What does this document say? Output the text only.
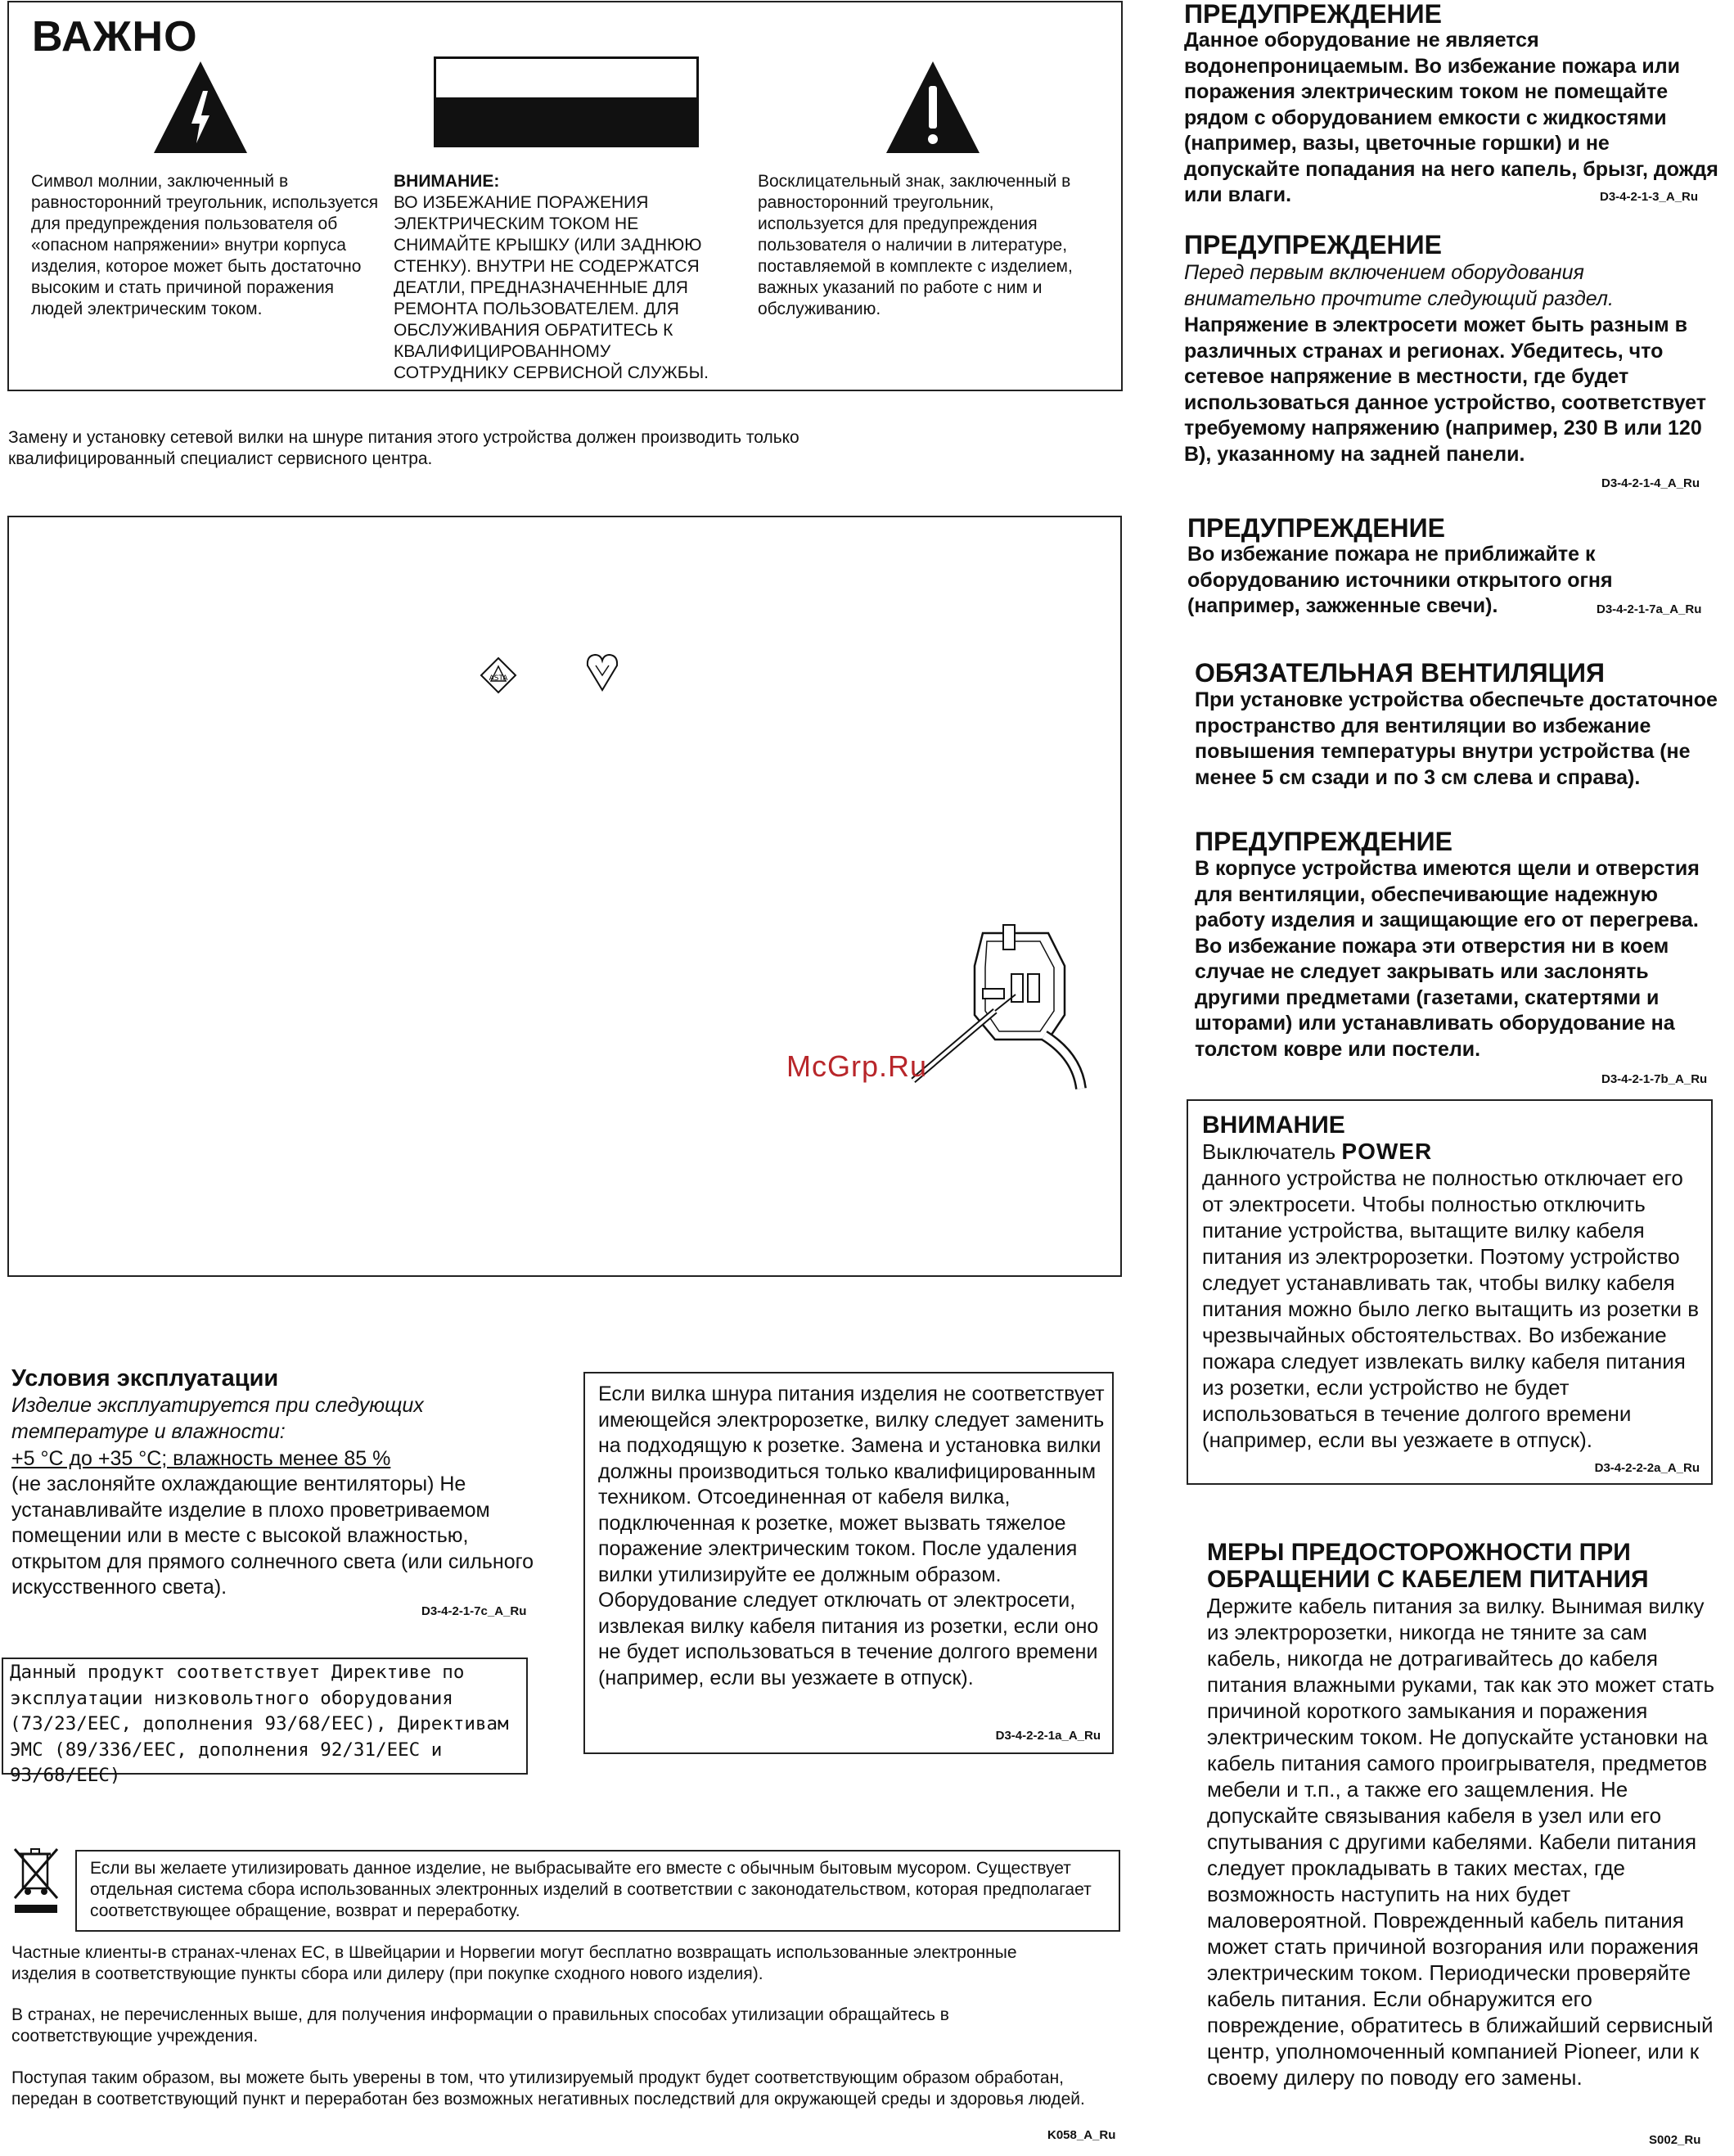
ВАЖНО

Символ молнии, заключенный в равносторонний треугольник, используется для предупреждения пользователя об «опасном напряжении» внутри корпуса изделия, которое может быть достаточно высоким и стать причиной поражения людей электрическим током.

ВНИМАНИЕ:

ВО ИЗБЕЖАНИЕ ПОРАЖЕНИЯ ЭЛЕКТРИЧЕСКИМ ТОКОМ НЕ СНИМАЙТЕ КРЫШКУ (ИЛИ ЗАДНЮЮ СТЕНКУ). ВНУТРИ НЕ СОДЕРЖАТСЯ ДЕАТЛИ, ПРЕДНАЗНАЧЕННЫЕ ДЛЯ РЕМОНТА ПОЛЬЗОВАТЕЛЕМ. ДЛЯ ОБСЛУЖИВАНИЯ ОБРАТИТЕСЬ К КВАЛИФИЦИРОВАННОМУ СОТРУДНИКУ СЕРВИСНОЙ СЛУЖБЫ.

Восклицательный знак, заключенный в равносторонний треугольник, используется для предупреждения пользователя о наличии в литературе, поставляемой в комплекте с изделием, важных указаний по работе с ним и обслуживанию.

Замену и установку сетевой вилки на шнуре питания этого устройства должен производить только квалифицированный специалист сервисного центра.

ASTA
McGrp.Ru
Условия эксплуатации

Изделие эксплуатируется при следующих температуре и влажности:

+5 °C до +35 °C; влажность менее 85 %

(не заслоняйте охлаждающие вентиляторы) Не устанавливайте изделие в плохо проветриваемом помещении или в месте с высокой влажностью, открытом для прямого солнечного света (или сильного искусственного света).

D3-4-2-1-7c_A_Ru

Данный продукт соответствует Директиве по эксплуатации низковольтного оборудования (73/23/EEC, дополнения 93/68/EEC), Директивам ЭМС (89/336/EEC, дополнения 92/31/EEC и 93/68/EEC)

Если вилка шнура питания изделия не соответствует имеющейся электророзетке, вилку следует заменить на подходящую к розетке. Замена и установка вилки должны производиться только квалифицированным техником. Отсоединенная от кабеля вилка, подключенная к розетке, может вызвать тяжелое поражение электрическим током. После удаления вилки утилизируйте ее должным образом. Оборудование следует отключать от электросети, извлекая вилку кабеля питания из розетки, если оно не будет использоваться в течение долгого времени (например, если вы уезжаете в отпуск).

D3-4-2-2-1a_A_Ru

Если вы желаете утилизировать данное изделие, не выбрасывайте его вместе с обычным бытовым мусором. Существует отдельная система сбора использованных электронных изделий в соответствии с законодательством, которая предполагает соответствующее обращение, возврат и переработку.

Частные клиенты-в странах-членах ЕС, в Швейцарии и Норвегии могут бесплатно возвращать использованные электронные изделия в соответствующие пункты сбора или дилеру (при покупке сходного нового изделия).

В странах, не перечисленных выше, для получения информации о правильных способах утилизации обращайтесь в соответствующие учреждения.

Поступая таким образом, вы можете быть уверены в том, что утилизируемый продукт будет соответствующим образом обработан, передан в соответствующий пункт и переработан без возможных негативных последствий для окружающей среды и здоровья людей.

K058_A_Ru
ПРЕДУПРЕЖДЕНИЕ

Данное оборудование не является водонепроницаемым. Во избежание пожара или поражения электрическим током не помещайте рядом с оборудованием емкости с жидкостями (например, вазы, цветочные горшки) и не допускайте попадания на него капель, брызг, дождя или влаги.	D3-4-2-1-3_A_Ru
ПРЕДУПРЕЖДЕНИЕ

Перед первым включением оборудования внимательно прочтите следующий раздел.

Напряжение в электросети может быть разным в различных странах и регионах. Убедитесь, что сетевое напряжение в местности, где будет использоваться данное устройство, соответствует требуемому напряжению (например, 230 В или 120 В), указанному на задней панели.

D3-4-2-1-4_A_Ru
ПРЕДУПРЕЖДЕНИЕ

Во избежание пожара не приближайте к оборудованию источники открытого огня (например, зажженные свечи).	D3-4-2-1-7a_A_Ru
ОБЯЗАТЕЛЬНАЯ ВЕНТИЛЯЦИЯ

При установке устройства обеспечьте достаточное пространство для вентиляции во избежание повышения температуры внутри устройства (не менее 5 см сзади и по 3 см слева и справа).

ПРЕДУПРЕЖДЕНИЕ

В корпусе устройства имеются щели и отверстия для вентиляции, обеспечивающие надежную работу изделия и защищающие его от перегрева. Во избежание пожара эти отверстия ни в коем случае не следует закрывать или заслонять другими предметами (газетами, скатертями и шторами) или устанавливать оборудование на толстом ковре или постели.

D3-4-2-1-7b_A_Ru
ВНИМАНИЕ
Выключатель POWER

данного устройства не полностью отключает его от электросети. Чтобы полностью отключить питание устройства, вытащите вилку кабеля питания из электророзетки. Поэтому устройство следует устанавливать так, чтобы вилку кабеля питания можно было легко вытащить из розетки в чрезвычайных обстоятельствах. Во избежание пожара следует извлекать вилку кабеля питания из розетки, если устройство не будет использоваться в течение долгого времени (например, если вы уезжаете в отпуск).

D3-4-2-2-2a_A_Ru
МЕРЫ ПРЕДОСТОРОЖНОСТИ ПРИ ОБРАЩЕНИИ С КАБЕЛЕМ ПИТАНИЯ

Держите кабель питания за вилку. Вынимая вилку из электророзетки, никогда не тяните за сам кабель, никогда не дотрагивайтесь до кабеля питания влажными руками, так как это может стать причиной короткого замыкания и поражения электрическим током. Не допускайте установки на кабель питания самого проигрывателя, предметов мебели и т.п., а также его защемления. Не допускайте связывания кабеля в узел или его спутывания с другими кабелями. Кабели питания следует прокладывать в таких местах, где возможность наступить на них будет маловероятной. Поврежденный кабель питания может стать причиной возгорания или поражения электрическим током. Периодически проверяйте кабель питания. Если обнаружится его повреждение, обратитесь в ближайший сервисный центр, уполномоченный компанией Pioneer, или к своему дилеру по поводу его замены.

S002_Ru
